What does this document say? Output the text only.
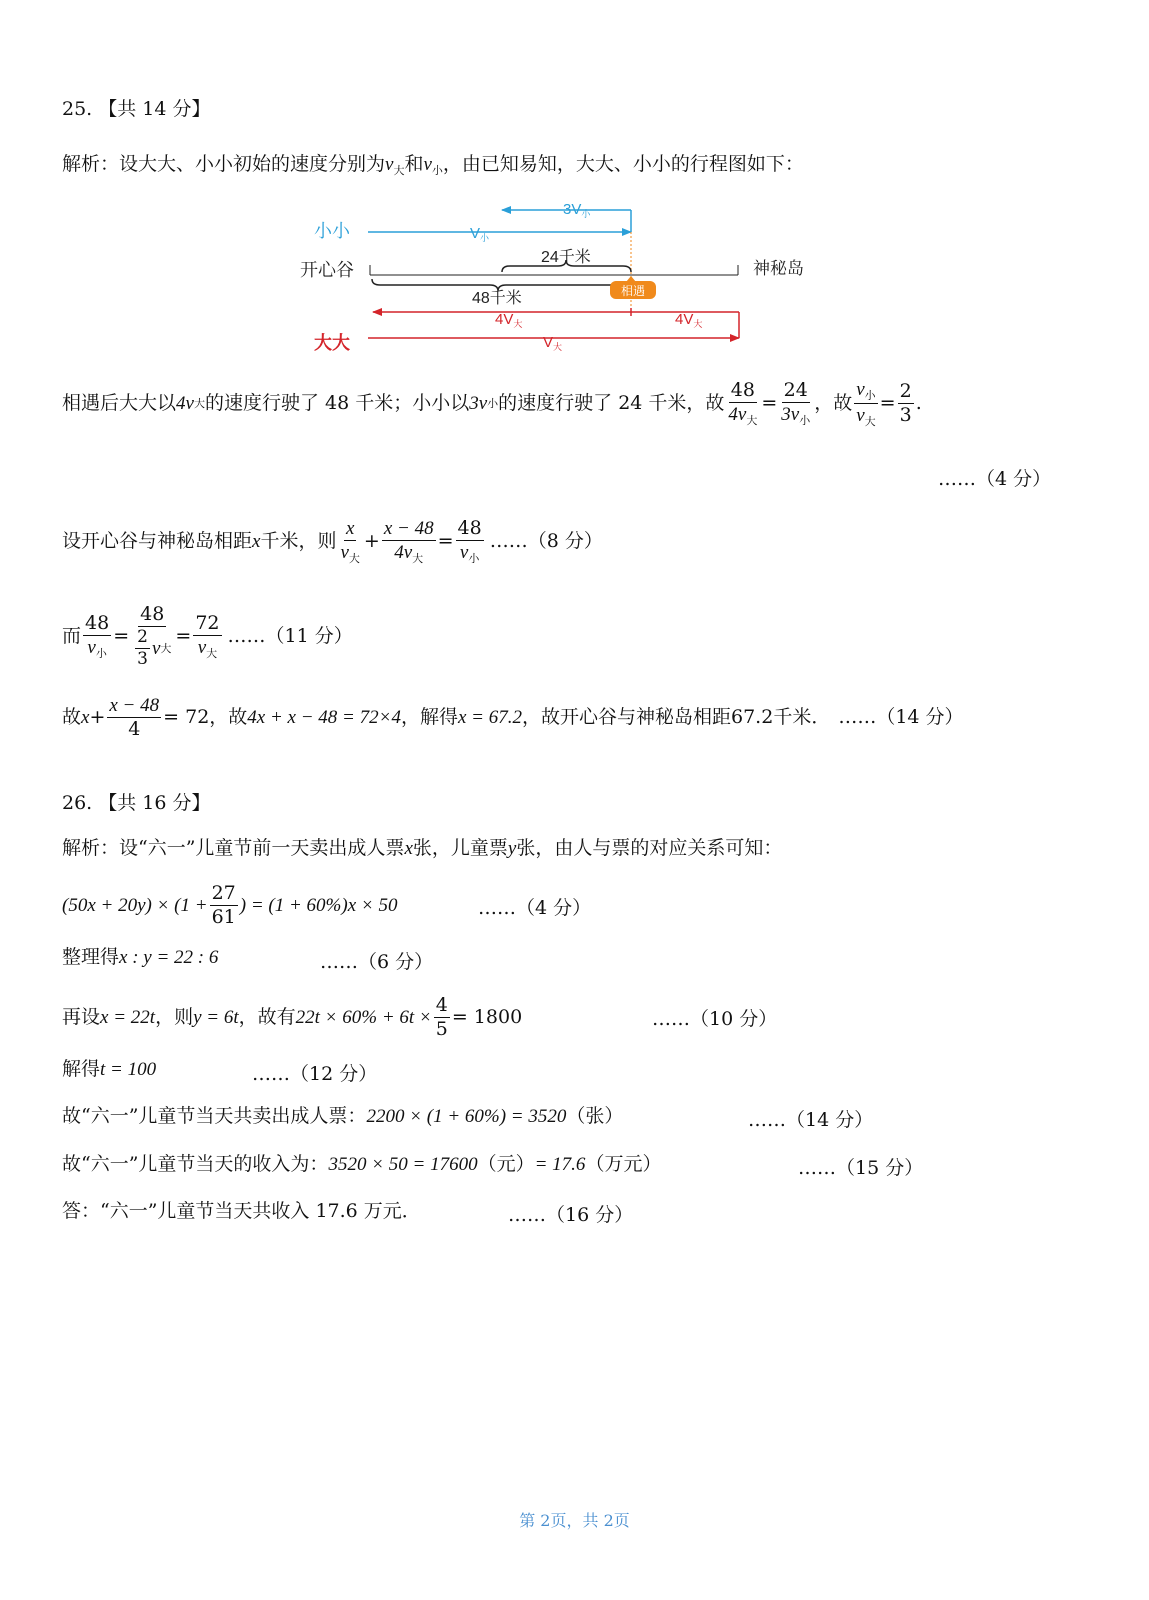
25. 【共 14 分】
解析：设大大、小小初始的速度分别为$v_大$和$v_小$，由已知易知，大大、小小的行程图如下：
小小
大大
开心谷	神秘岛
$V_小$
$3V_小$
24千米
48千米	相遇
$4V_大$	$4V_大$
$V_大$
相遇后大大以 4v 大 的速度行驶了 48 千米；小小以 3v 小 的速度行驶了 24 千米，故 $\frac{48}{4v_大} = \frac{24}{3v_小}$ ，故 $\frac{v_小}{v_大} = \frac{2}{3}$ .
……（4 分）
设开心谷与神秘岛相距 x 千米，则 $\frac{x}{v_大} + \frac{x - 48}{4v_大} = \frac{48}{v_小}$ ……（8 分）
而 $\frac{48}{v_小} = \frac{48}{\frac{2}{3} v 大} = \frac{72}{v_大}$ ……（11 分）
故 $x + \frac{x - 48}{4} = 72$ ，故 4x + x − 48 = 72×4 ，解得 x = 67.2 ，故开心谷与神秘岛相距 67.2 千米． ……（14 分）
26. 【共 16 分】
解析：设“六一”儿童节前一天卖出成人票x张，儿童票y张，由人与票的对应关系可知：
$(50x + 20y) \times (1 + \frac{27}{61}$ ) = (1 + 60%)x × 50	……（4 分）
整理得x : y = 22 : 6	……（6 分）
再设 x = 22t ，则 y = 6t ，故有 $22t \times 60\% + 6t \times \frac{4}{5} = 1800$	……（10 分）
解得t = 100	……（12 分）
故“六一”儿童节当天共卖出成人票：2200 × (1 + 60%) = 3520（张）	……（14 分）
故“六一”儿童节当天的收入为：3520 × 50 = 17600（元）= 17.6（万元）	……（15 分）
答：“六一”儿童节当天共收入 17.6 万元．	……（16 分）
第 2页，共 2页
